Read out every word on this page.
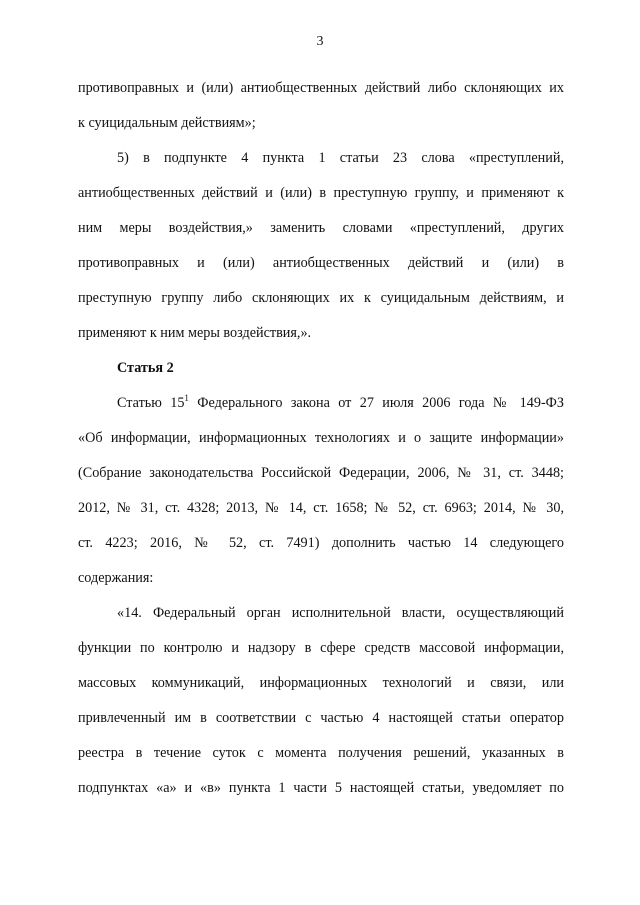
3
противоправных и (или) антиобщественных действий либо склоняющих их
к суицидальным действиям»;
5) в подпункте 4 пункта 1 статьи 23 слова «преступлений,
антиобщественных действий и (или) в преступную группу, и применяют к
ним меры воздействия,» заменить словами «преступлений, других
противоправных и (или) антиобщественных действий и (или) в
преступную группу либо склоняющих их к суицидальным действиям, и
применяют к ним меры воздействия,».
Статья 2
Статью $15^1$ Федерального закона от 27 июля 2006 года № 149-ФЗ
«Об информации, информационных технологиях и о защите информации»
(Собрание законодательства Российской Федерации, 2006, № 31, ст. 3448;
2012, № 31, ст. 4328; 2013, № 14, ст. 1658; № 52, ст. 6963; 2014, № 30,
ст. 4223; 2016, № 52, ст. 7491) дополнить частью 14 следующего
содержания:
«14. Федеральный орган исполнительной власти, осуществляющий
функции по контролю и надзору в сфере средств массовой информации,
массовых коммуникаций, информационных технологий и связи, или
привлеченный им в соответствии с частью 4 настоящей статьи оператор
реестра в течение суток с момента получения решений, указанных в
подпунктах «а» и «в» пункта 1 части 5 настоящей статьи, уведомляет по
